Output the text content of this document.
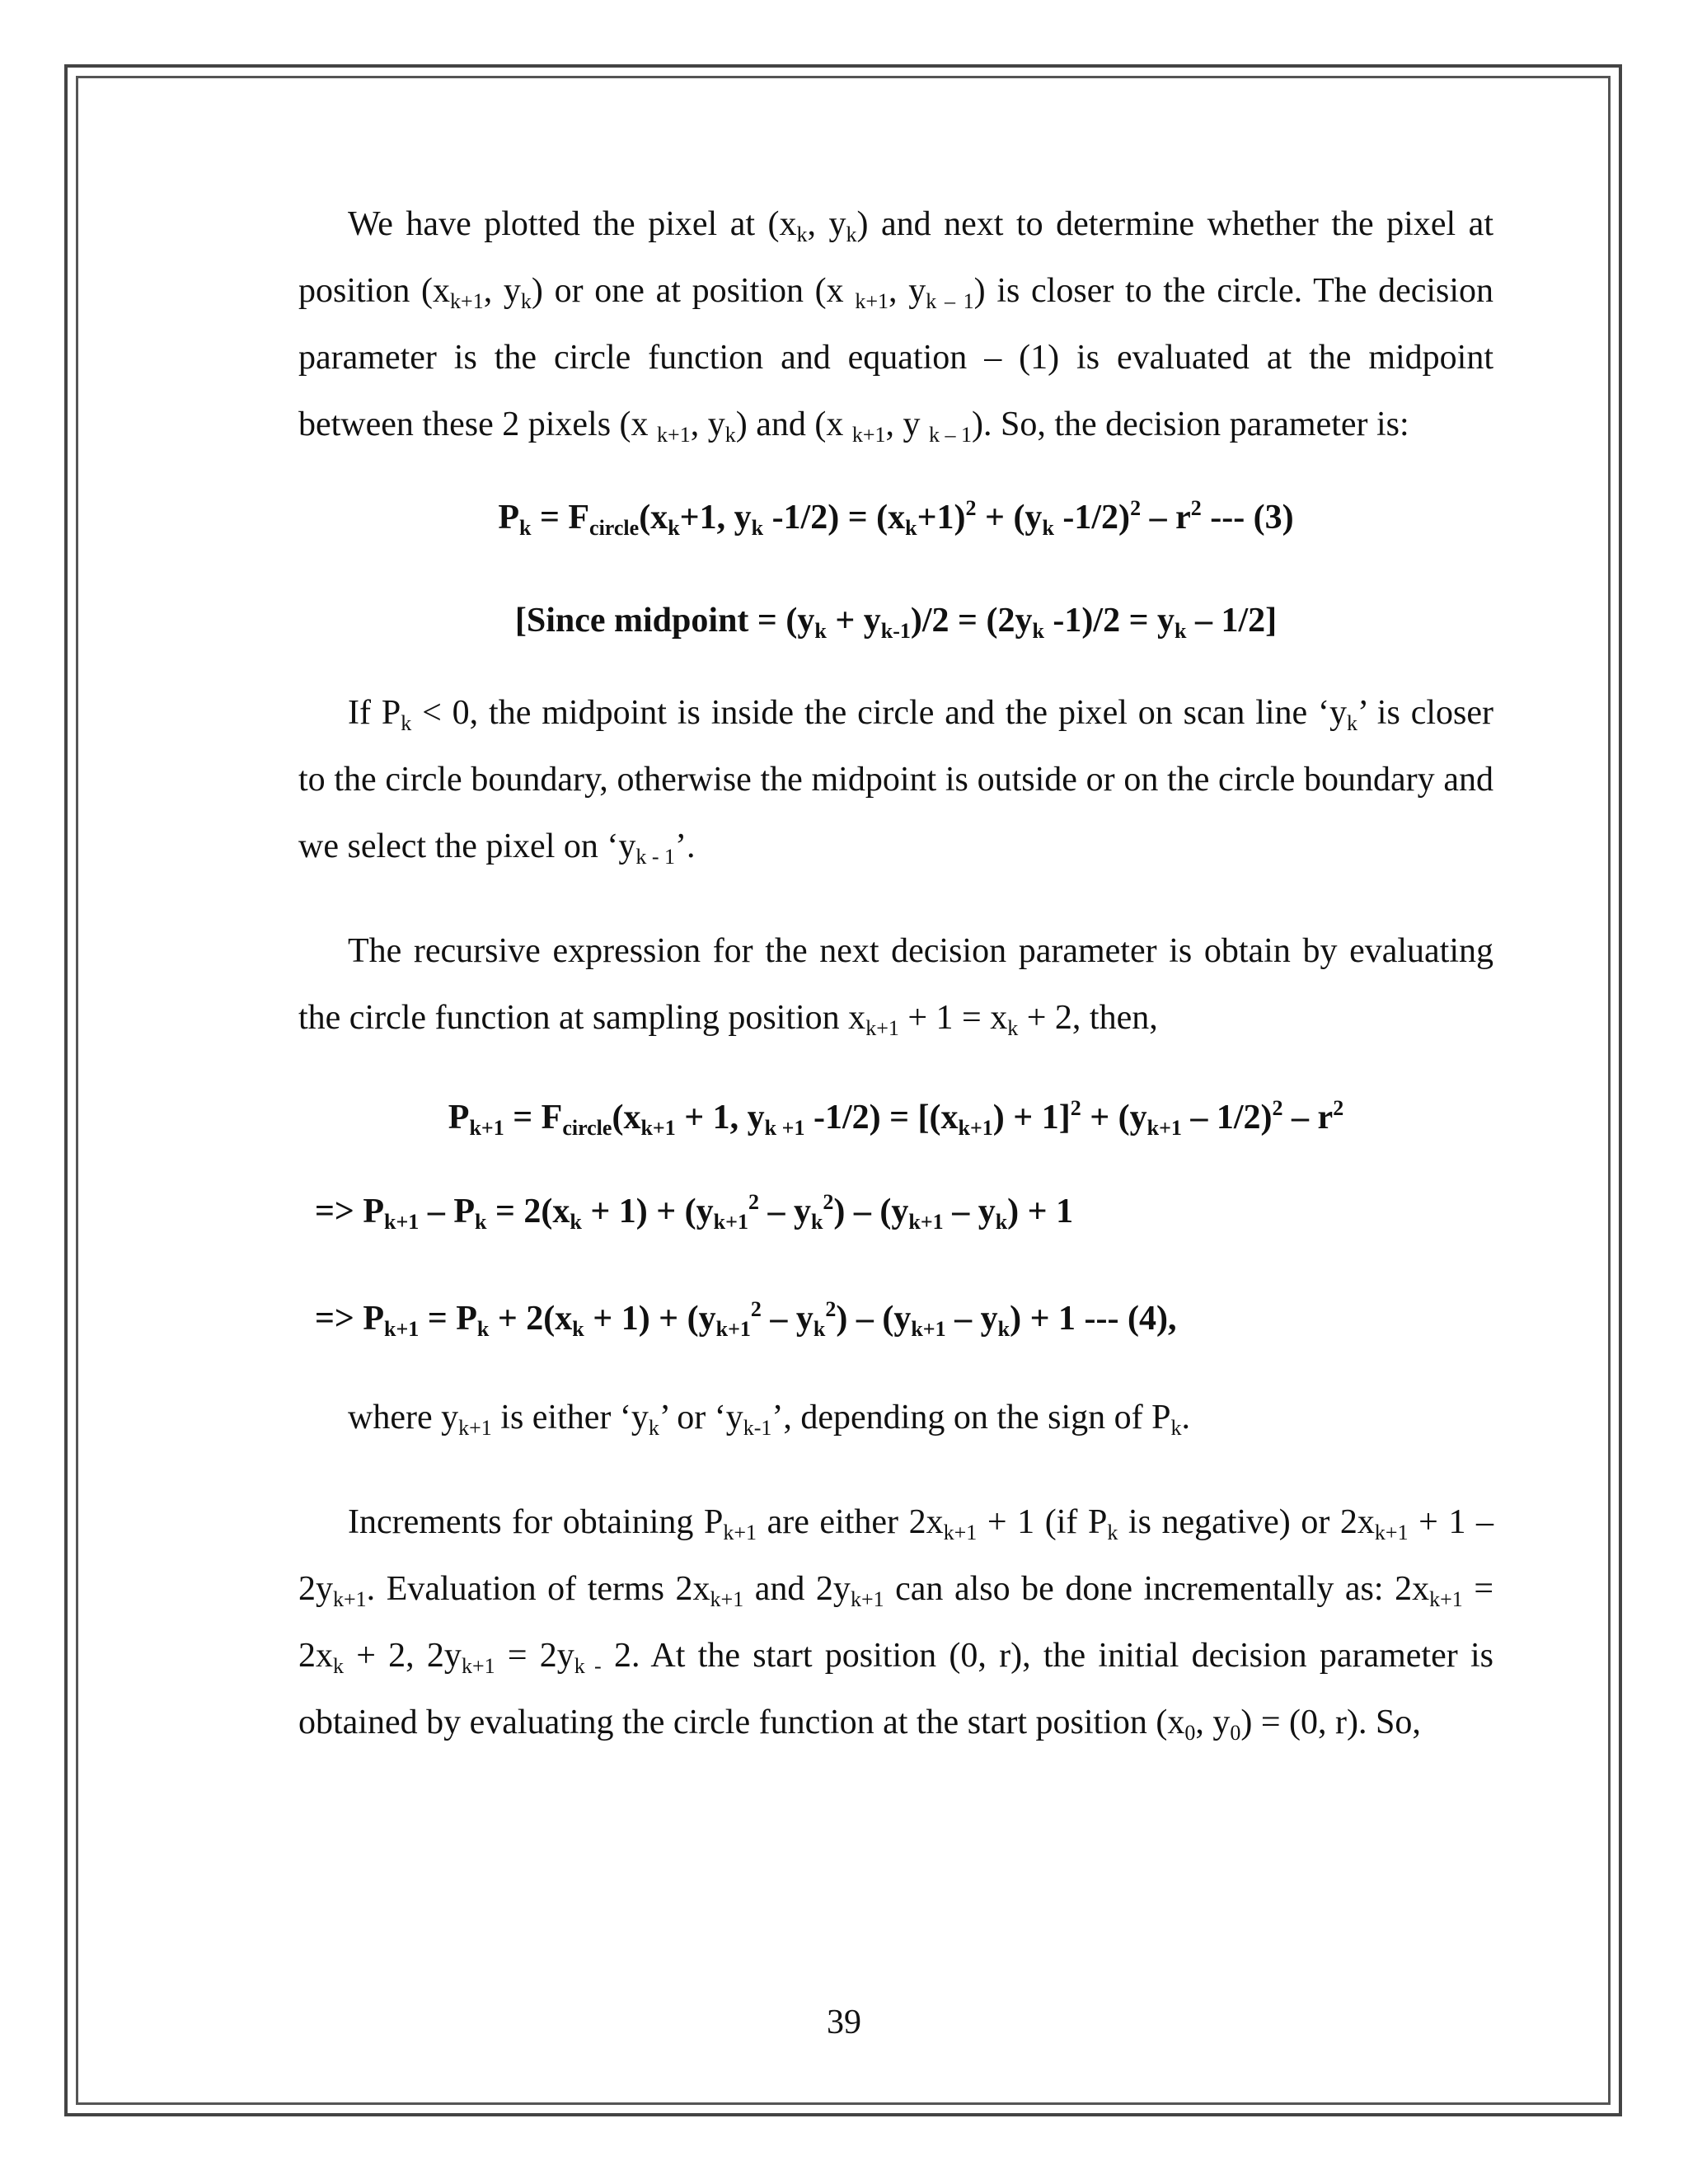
We have plotted the pixel at ($x_k$, $y_k$) and next to determine whether the pixel at position ($x_{k+1}$, $y_k$) or one at position (x $_{k+1}$, $y_{k - 1}$) is closer to the circle. The decision parameter is the circle function and equation – (1) is evaluated at the midpoint between these 2 pixels (x $_{k+1}$, $y_k$) and (x $_{k+1}$, y $_{k - 1}$). So, the decision parameter is:

$P_k = F_{circle}(x_k+1$, $y_k$ $-1/2) = (x_k+1)^2 + (y_k$ $-1/2)^2 - r^2$ --- (3)
[Since midpoint = $(y_k + y_{k-1})/2 = (2y_k$ $-1)/2 = y_k - 1/2$]

If $P_k < 0$, the midpoint is inside the circle and the pixel on scan line ‘$y_k$’ is closer to the circle boundary, otherwise the midpoint is outside or on the circle boundary and we select the pixel on ‘$y_{k - 1}$’.

The recursive expression for the next decision parameter is obtain by evaluating the circle function at sampling position $x_{k+1} + 1 = x_k + 2$, then,

$P_{k+1} = F_{circle}(x_{k+1} + 1$, $y_{k +1}$ $-1/2) = [(x_{k+1}) + 1]^2 + (y_{k+1} - 1/2)^2 - r^2$
=> $P_{k+1} - P_k = 2(x_k + 1) + (y_{k+1}^2 - y_k^2) - (y_{k+1} - y_k) + 1$
=> $P_{k+1} = P_k + 2(x_k + 1) + (y_{k+1}^2 - y_k^2) - (y_{k+1} - y_k) + 1$ --- (4),

where $y_{k+1}$ is either ‘$y_k$’ or ‘$y_{k-1}$’, depending on the sign of $P_k$.

Increments for obtaining $P_{k+1}$ are either $2x_{k+1} + 1$ (if $P_k$ is negative) or $2x_{k+1} + 1 - 2y_{k+1}$. Evaluation of terms $2x_{k+1}$ and $2y_{k+1}$ can also be done incrementally as: $2x_{k+1} = 2x_k + 2$, $2y_{k+1} = 2y_{k -}$ 2. At the start position (0, r), the initial decision parameter is obtained by evaluating the circle function at the start position ($x_0$, $y_0) = (0$, r). So,

39
